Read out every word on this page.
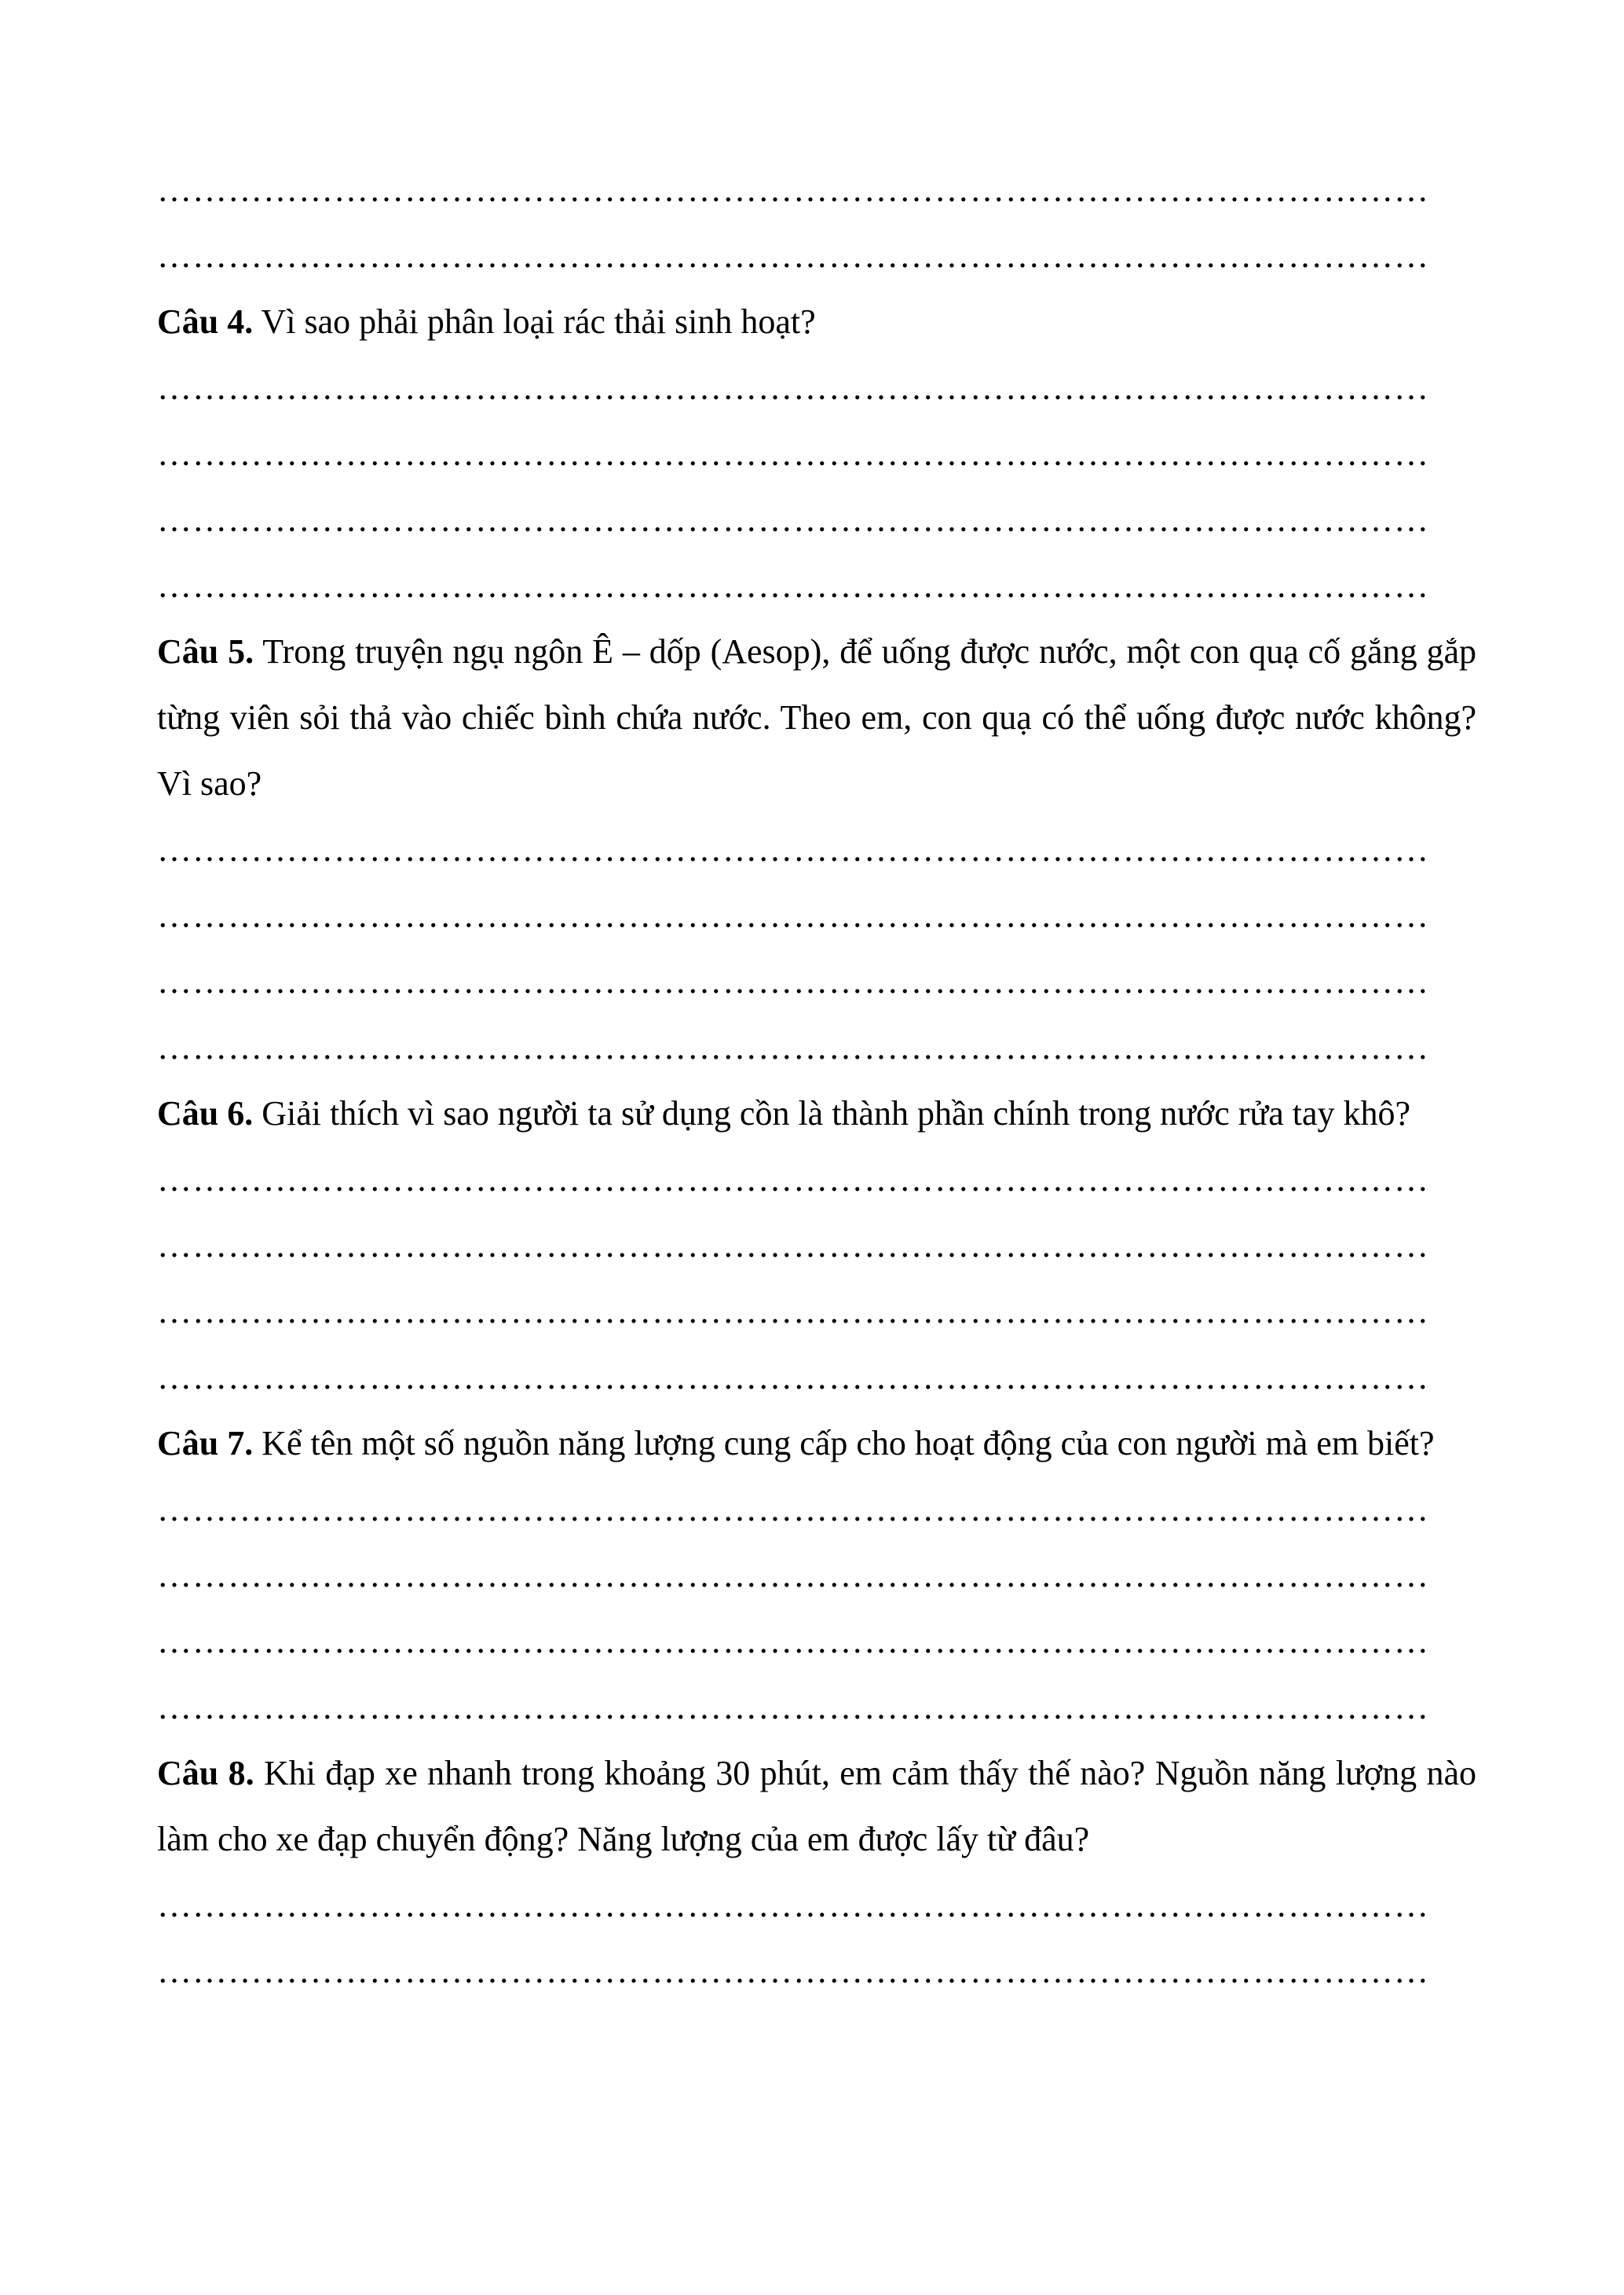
………………………………………………………………………………………………
………………………………………………………………………………………………
Câu 4. Vì sao phải phân loại rác thải sinh hoạt?
………………………………………………………………………………………………
………………………………………………………………………………………………
………………………………………………………………………………………………
………………………………………………………………………………………………
Câu 5. Trong truyện ngụ ngôn Ê – dốp (Aesop), để uống được nước, một con quạ cố gắng gắp từng viên sỏi thả vào chiếc bình chứa nước. Theo em, con quạ có thể uống được nước không? Vì sao?
………………………………………………………………………………………………
………………………………………………………………………………………………
………………………………………………………………………………………………
………………………………………………………………………………………………
Câu 6. Giải thích vì sao người ta sử dụng cồn là thành phần chính trong nước rửa tay khô?
………………………………………………………………………………………………
………………………………………………………………………………………………
………………………………………………………………………………………………
………………………………………………………………………………………………
Câu 7. Kể tên một số nguồn năng lượng cung cấp cho hoạt động của con người mà em biết?
………………………………………………………………………………………………
………………………………………………………………………………………………
………………………………………………………………………………………………
………………………………………………………………………………………………
Câu 8. Khi đạp xe nhanh trong khoảng 30 phút, em cảm thấy thế nào? Nguồn năng lượng nào làm cho xe đạp chuyển động? Năng lượng của em được lấy từ đâu?
………………………………………………………………………………………………
………………………………………………………………………………………………
